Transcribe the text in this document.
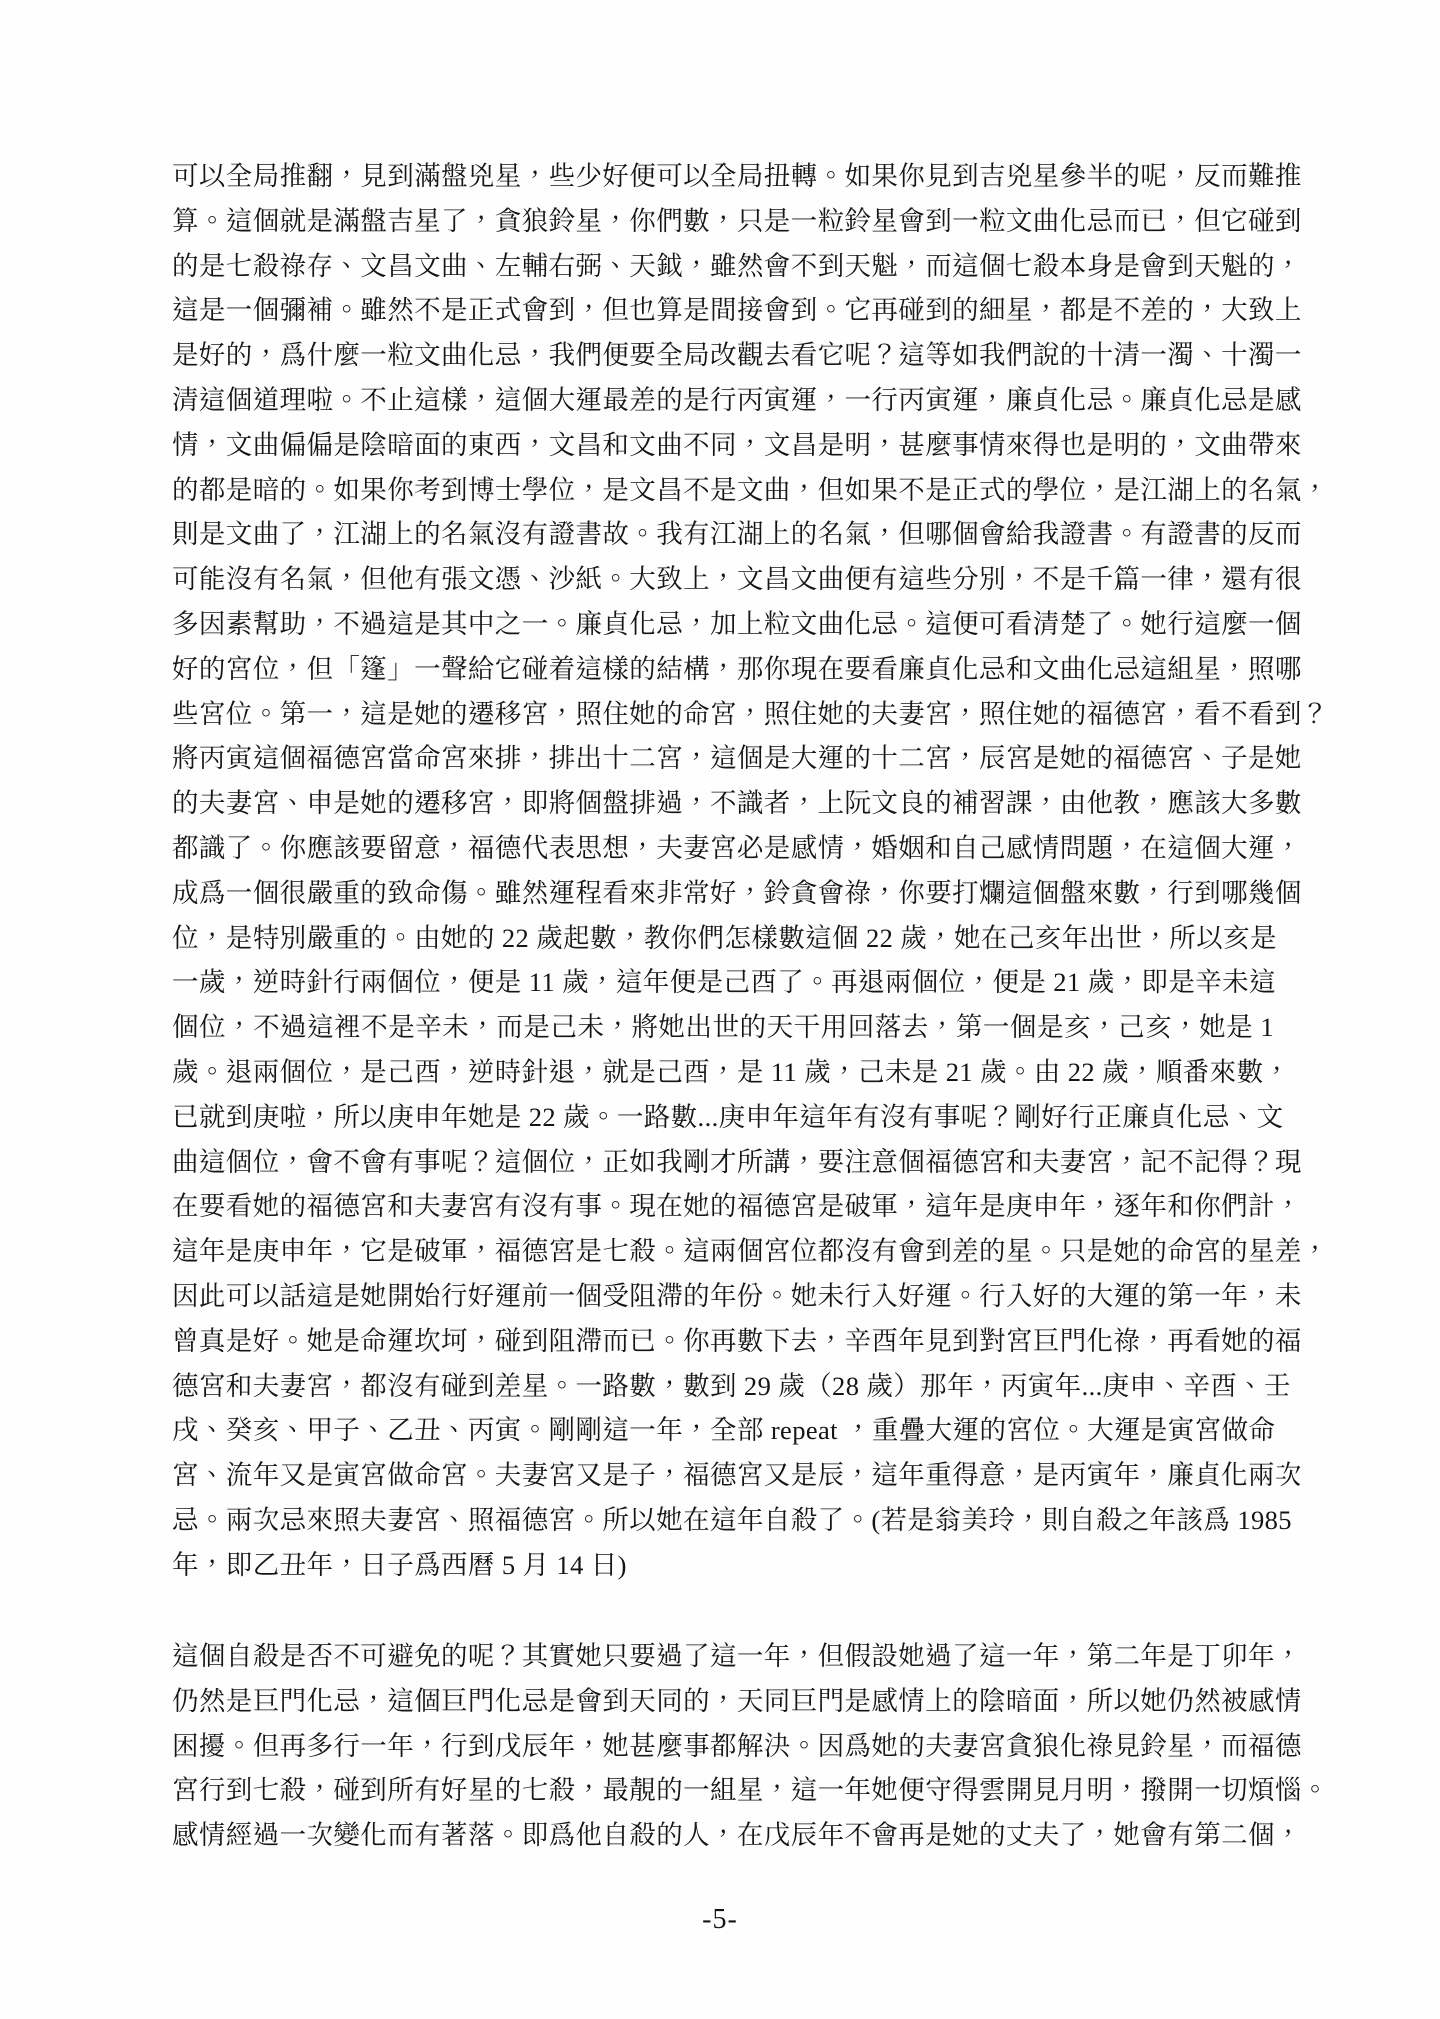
可以全局推翻，見到滿盤兇星，些少好便可以全局扭轉。如果你見到吉兇星參半的呢，反而難推
算。這個就是滿盤吉星了，貪狼鈴星，你們數，只是一粒鈴星會到一粒文曲化忌而已，但它碰到
的是七殺祿存、文昌文曲、左輔右弼、天鉞，雖然會不到天魁，而這個七殺本身是會到天魁的，
這是一個彌補。雖然不是正式會到，但也算是間接會到。它再碰到的細星，都是不差的，大致上
是好的，爲什麼一粒文曲化忌，我們便要全局改觀去看它呢？這等如我們說的十清一濁、十濁一
清這個道理啦。不止這樣，這個大運最差的是行丙寅運，一行丙寅運，廉貞化忌。廉貞化忌是感
情，文曲偏偏是陰暗面的東西，文昌和文曲不同，文昌是明，甚麼事情來得也是明的，文曲帶來
的都是暗的。如果你考到博士學位，是文昌不是文曲，但如果不是正式的學位，是江湖上的名氣，
則是文曲了，江湖上的名氣沒有證書故。我有江湖上的名氣，但哪個會給我證書。有證書的反而
可能沒有名氣，但他有張文憑、沙紙。大致上，文昌文曲便有這些分別，不是千篇一律，還有很
多因素幫助，不過這是其中之一。廉貞化忌，加上粒文曲化忌。這便可看清楚了。她行這麼一個
好的宮位，但「篷」一聲給它碰着這樣的結構，那你現在要看廉貞化忌和文曲化忌這組星，照哪
些宮位。第一，這是她的遷移宮，照住她的命宮，照住她的夫妻宮，照住她的福德宮，看不看到？
將丙寅這個福德宮當命宮來排，排出十二宮，這個是大運的十二宮，辰宮是她的福德宮、子是她
的夫妻宮、申是她的遷移宮，即將個盤排過，不識者，上阮文良的補習課，由他教，應該大多數
都識了。你應該要留意，福德代表思想，夫妻宮必是感情，婚姻和自己感情問題，在這個大運，
成爲一個很嚴重的致命傷。雖然運程看來非常好，鈴貪會祿，你要打爛這個盤來數，行到哪幾個
位，是特別嚴重的。由她的 22 歲起數，教你們怎樣數這個 22 歲，她在己亥年出世，所以亥是
一歲，逆時針行兩個位，便是 11 歲，這年便是己酉了。再退兩個位，便是 21 歲，即是辛未這
個位，不過這裡不是辛未，而是己未，將她出世的天干用回落去，第一個是亥，己亥，她是 1
歲。退兩個位，是己酉，逆時針退，就是己酉，是 11 歲，己未是 21 歲。由 22 歲，順番來數，
已就到庚啦，所以庚申年她是 22 歲。一路數...庚申年這年有沒有事呢？剛好行正廉貞化忌、文
曲這個位，會不會有事呢？這個位，正如我剛才所講，要注意個福德宮和夫妻宮，記不記得？現
在要看她的福德宮和夫妻宮有沒有事。現在她的福德宮是破軍，這年是庚申年，逐年和你們計，
這年是庚申年，它是破軍，福德宮是七殺。這兩個宮位都沒有會到差的星。只是她的命宮的星差，
因此可以話這是她開始行好運前一個受阻滯的年份。她未行入好運。行入好的大運的第一年，未
曾真是好。她是命運坎坷，碰到阻滯而已。你再數下去，辛酉年見到對宮巨門化祿，再看她的福
德宮和夫妻宮，都沒有碰到差星。一路數，數到 29 歲（28 歲）那年，丙寅年...庚申、辛酉、壬
戌、癸亥、甲子、乙丑、丙寅。剛剛這一年，全部 repeat ，重疊大運的宮位。大運是寅宮做命
宮、流年又是寅宮做命宮。夫妻宮又是子，福德宮又是辰，這年重得意，是丙寅年，廉貞化兩次
忌。兩次忌來照夫妻宮、照福德宮。所以她在這年自殺了。(若是翁美玲，則自殺之年該爲 1985
年，即乙丑年，日子爲西曆 5 月 14 日)
這個自殺是否不可避免的呢？其實她只要過了這一年，但假設她過了這一年，第二年是丁卯年，
仍然是巨門化忌，這個巨門化忌是會到天同的，天同巨門是感情上的陰暗面，所以她仍然被感情
困擾。但再多行一年，行到戊辰年，她甚麼事都解決。因爲她的夫妻宮貪狼化祿見鈴星，而福德
宮行到七殺，碰到所有好星的七殺，最靚的一組星，這一年她便守得雲開見月明，撥開一切煩惱。
感情經過一次變化而有著落。即爲他自殺的人，在戊辰年不會再是她的丈夫了，她會有第二個，
-5-
